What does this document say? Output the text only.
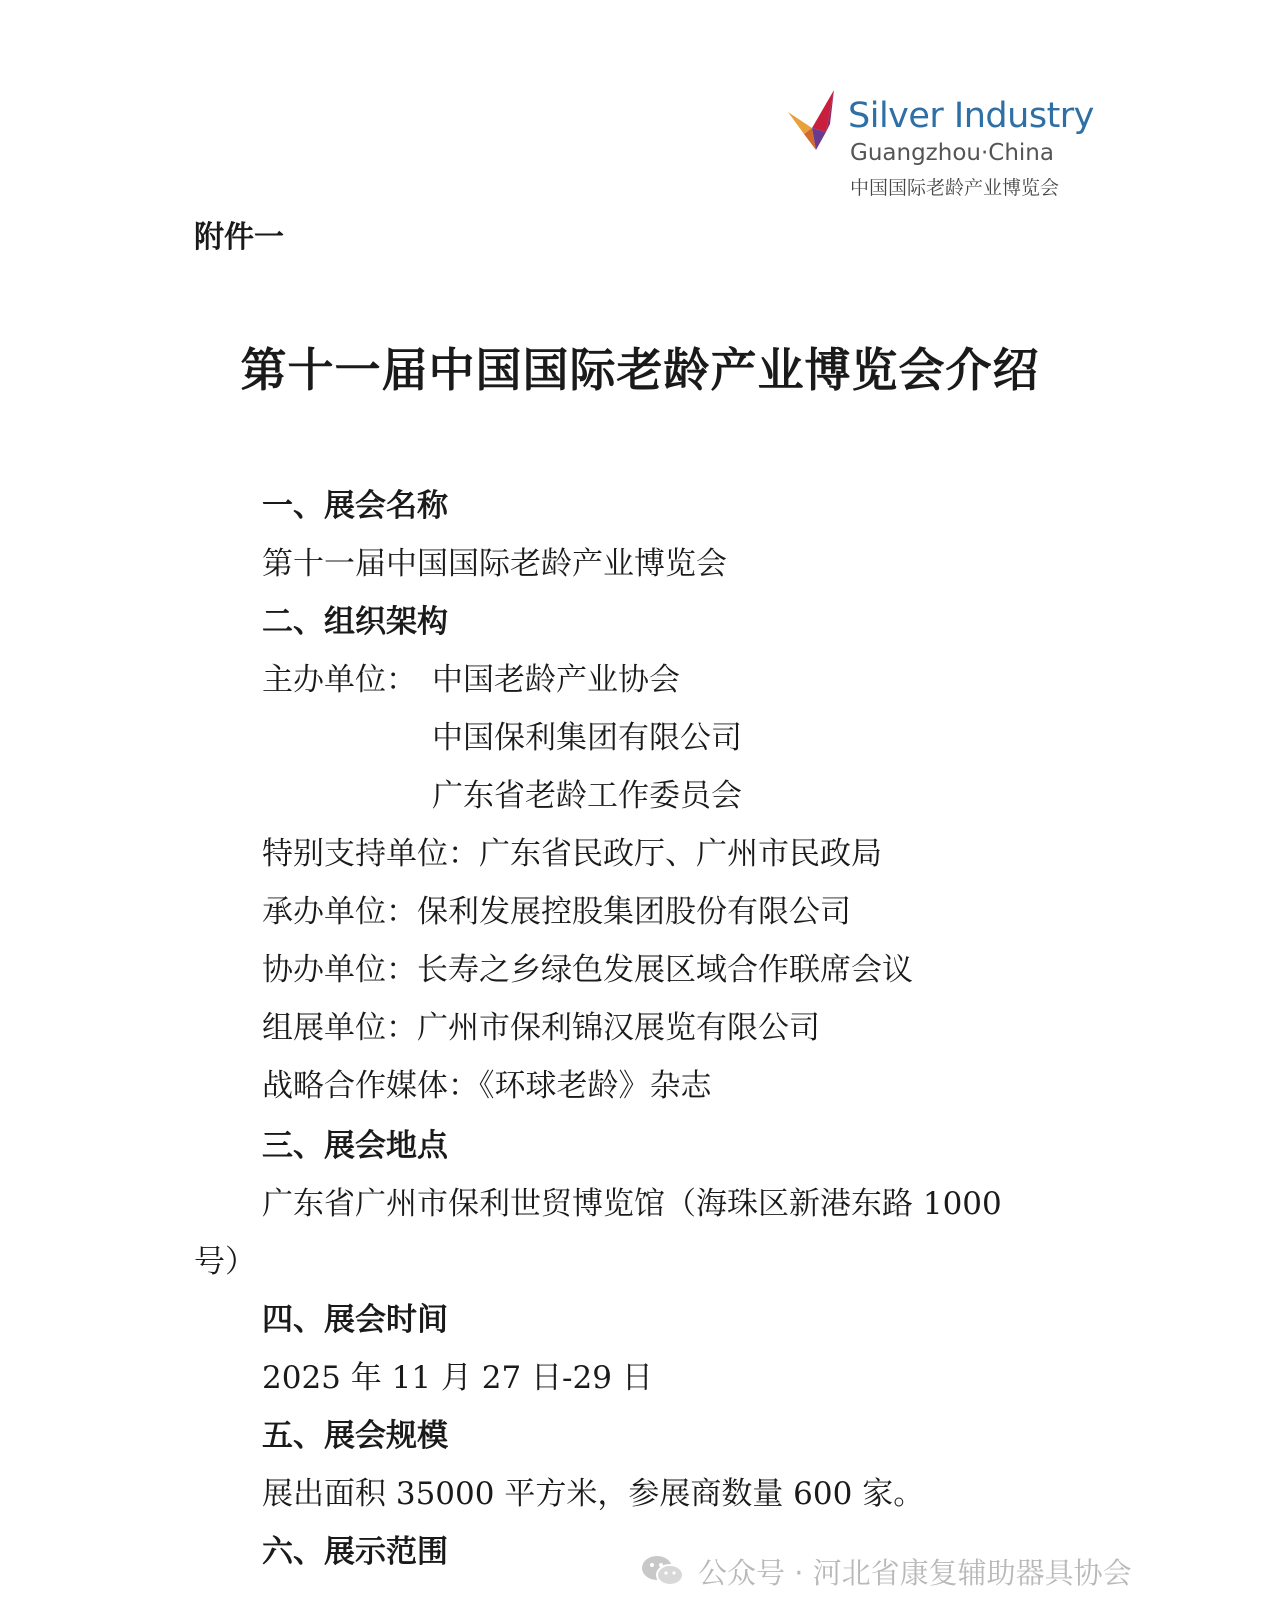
Silver Industry
Guangzhou·China
中国国际老龄产业博览会
附件一
第十一届中国国际老龄产业博览会介绍
一、展会名称
第十一届中国国际老龄产业博览会
二、组织架构
主办单位： 中国老龄产业协会
中国保利集团有限公司
广东省老龄工作委员会
特别支持单位：广东省民政厅、广州市民政局
承办单位：保利发展控股集团股份有限公司
协办单位：长寿之乡绿色发展区域合作联席会议
组展单位：广州市保利锦汉展览有限公司
战略合作媒体：《环球老龄》杂志
三、展会地点
广东省广州市保利世贸博览馆（海珠区新港东路 1000
号）
四、展会时间
2025 年 11 月 27 日-29 日
五、展会规模
展出面积 35000 平方米，参展商数量 600 家。
六、展示范围
公众号 · 河北省康复辅助器具协会
